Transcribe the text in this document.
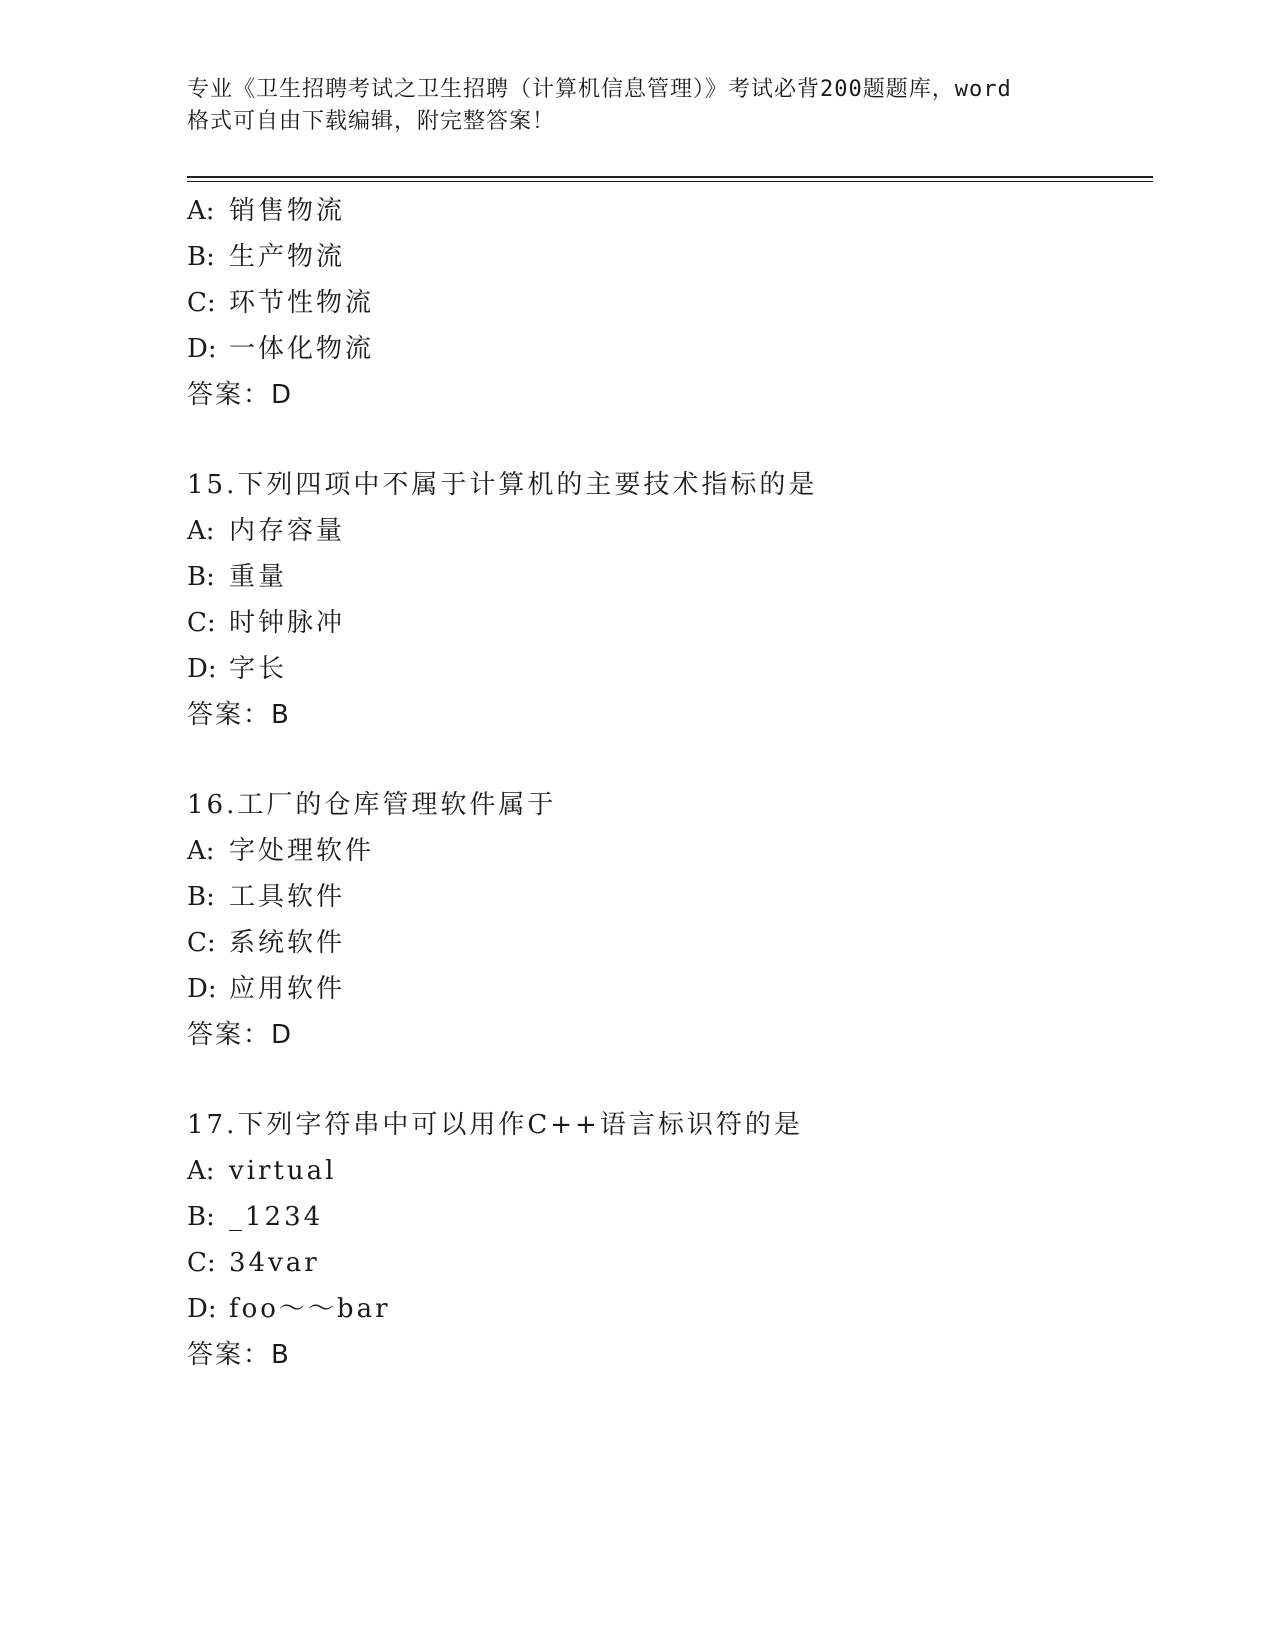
专业《卫生招聘考试之卫生招聘（计算机信息管理）》考试必背200题题库，word
格式可自由下载编辑，附完整答案！
A: 销售物流
B: 生产物流
C: 环节性物流
D: 一体化物流
答案：D
15.下列四项中不属于计算机的主要技术指标的是
A: 内存容量
B: 重量
C: 时钟脉冲
D: 字长
答案：B
16.工厂的仓库管理软件属于
A: 字处理软件
B: 工具软件
C: 系统软件
D: 应用软件
答案：D
17.下列字符串中可以用作C++语言标识符的是
A: virtual
B: _1234
C: 34var
D: foo～～bar
答案：B
